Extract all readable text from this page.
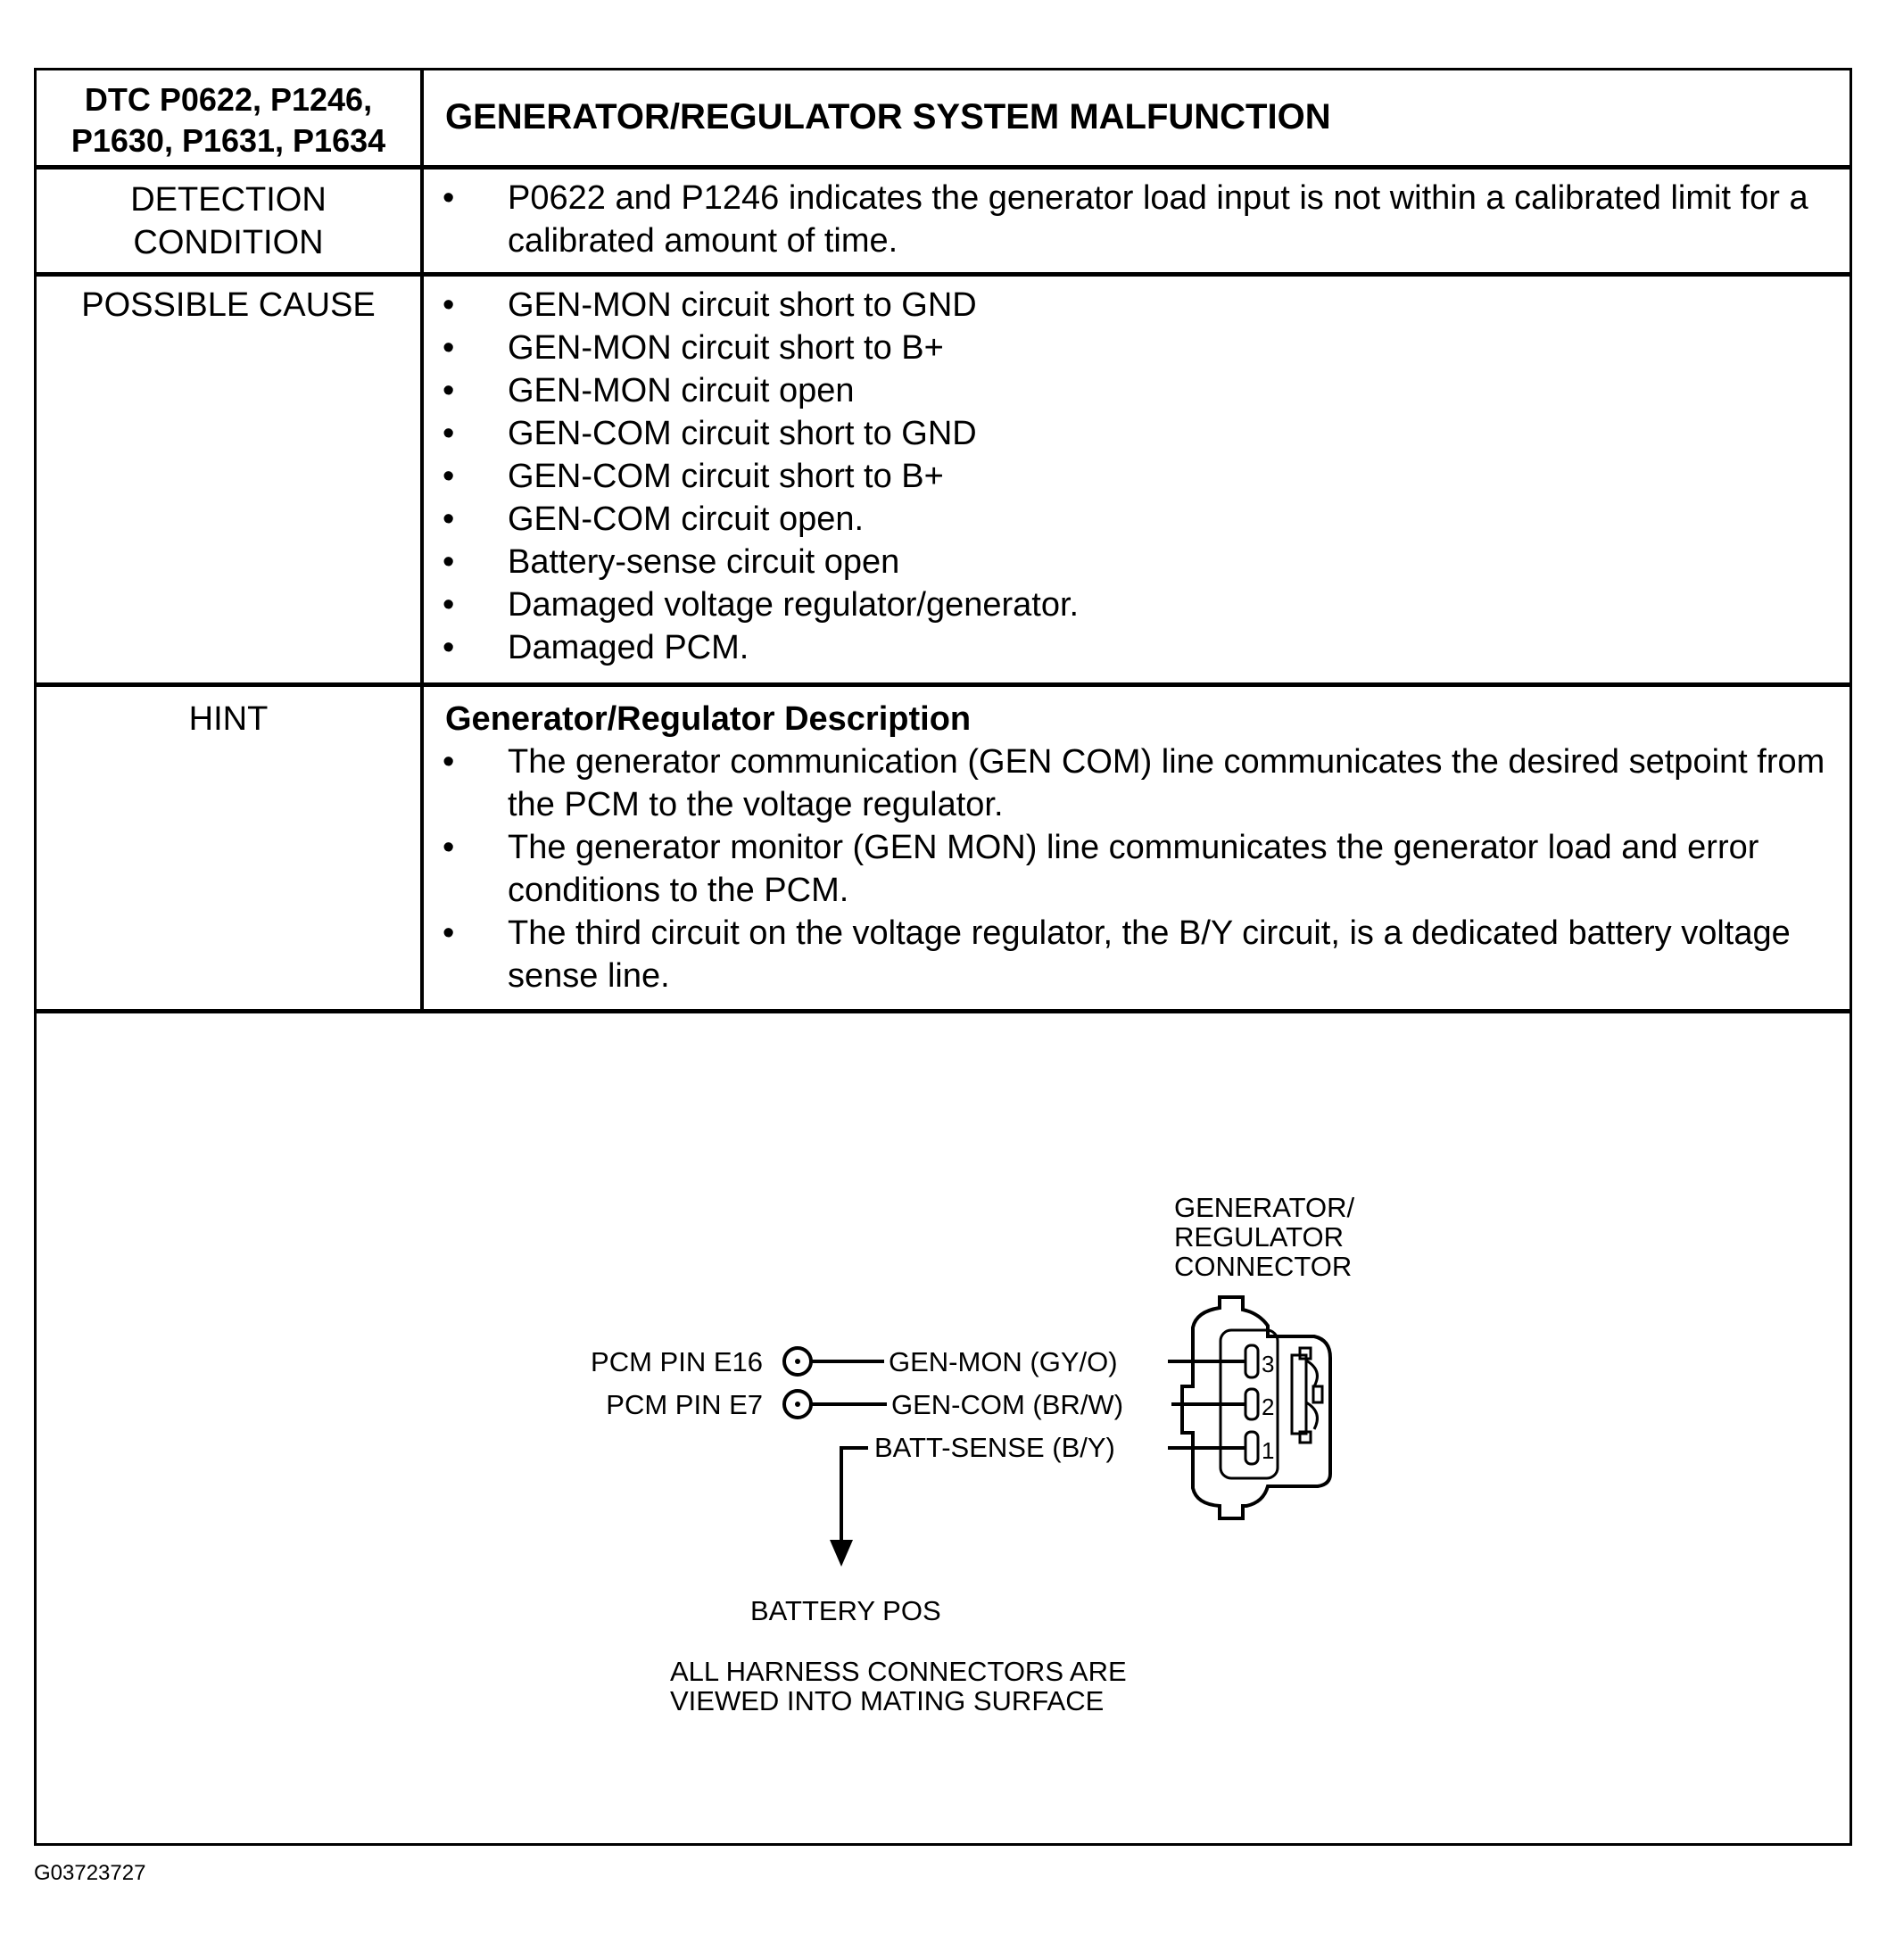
DTC P0622, P1246,
P1630, P1631, P1634
GENERATOR/REGULATOR SYSTEM MALFUNCTION
DETECTION
CONDITION
• P0622 and P1246 indicates the generator load input is not within a calibrated limit for a calibrated amount of time.
POSSIBLE CAUSE	• GEN-MON circuit short to GND
• GEN-MON circuit short to B+
• GEN-MON circuit open
• GEN-COM circuit short to GND
• GEN-COM circuit short to B+
• GEN-COM circuit open.
• Battery-sense circuit open
• Damaged voltage regulator/generator.
• Damaged PCM.
HINT	Generator/Regulator Description
• The generator communication (GEN COM) line communicates the desired setpoint from the PCM to the voltage regulator.
• The generator monitor (GEN MON) line communicates the generator load and error conditions to the PCM.
• The third circuit on the voltage regulator, the B/Y circuit, is a dedicated battery voltage sense line.
GENERATOR/
REGULATOR
CONNECTOR
PCM PIN E16
PCM PIN E7
GEN-MON (GY/O)
GEN-COM (BR/W)
BATT-SENSE (B/Y)
BATTERY POS
3
2
1
ALL HARNESS CONNECTORS ARE
VIEWED INTO MATING SURFACE
G03723727
